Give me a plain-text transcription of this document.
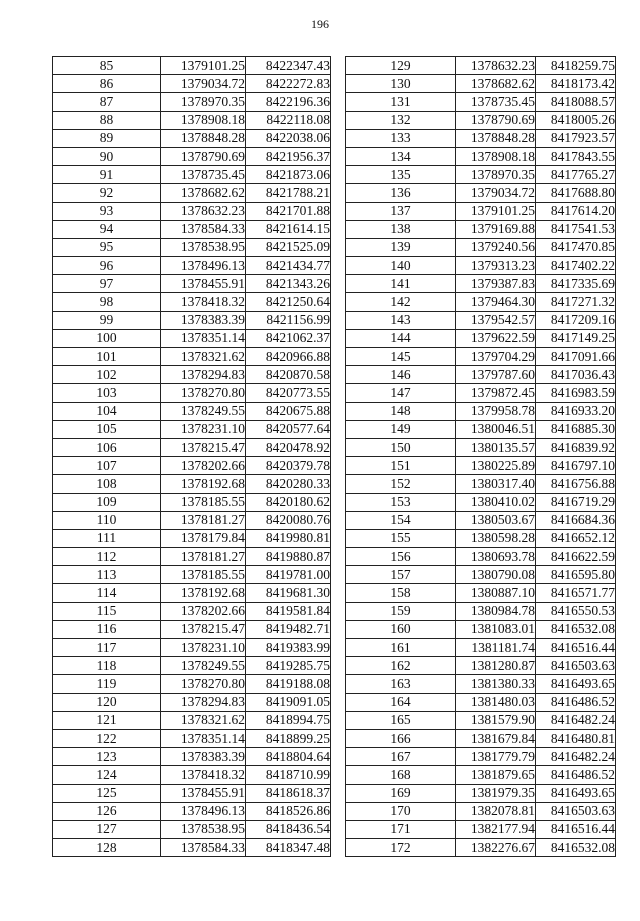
196
85	1379101.25	8422347.43
86	1379034.72	8422272.83
87	1378970.35	8422196.36
88	1378908.18	8422118.08
89	1378848.28	8422038.06
90	1378790.69	8421956.37
91	1378735.45	8421873.06
92	1378682.62	8421788.21
93	1378632.23	8421701.88
94	1378584.33	8421614.15
95	1378538.95	8421525.09
96	1378496.13	8421434.77
97	1378455.91	8421343.26
98	1378418.32	8421250.64
99	1378383.39	8421156.99
100	1378351.14	8421062.37
101	1378321.62	8420966.88
102	1378294.83	8420870.58
103	1378270.80	8420773.55
104	1378249.55	8420675.88
105	1378231.10	8420577.64
106	1378215.47	8420478.92
107	1378202.66	8420379.78
108	1378192.68	8420280.33
109	1378185.55	8420180.62
110	1378181.27	8420080.76
111	1378179.84	8419980.81
112	1378181.27	8419880.87
113	1378185.55	8419781.00
114	1378192.68	8419681.30
115	1378202.66	8419581.84
116	1378215.47	8419482.71
117	1378231.10	8419383.99
118	1378249.55	8419285.75
119	1378270.80	8419188.08
120	1378294.83	8419091.05
121	1378321.62	8418994.75
122	1378351.14	8418899.25
123	1378383.39	8418804.64
124	1378418.32	8418710.99
125	1378455.91	8418618.37
126	1378496.13	8418526.86
127	1378538.95	8418436.54
128	1378584.33	8418347.48
129	1378632.23	8418259.75
130	1378682.62	8418173.42
131	1378735.45	8418088.57
132	1378790.69	8418005.26
133	1378848.28	8417923.57
134	1378908.18	8417843.55
135	1378970.35	8417765.27
136	1379034.72	8417688.80
137	1379101.25	8417614.20
138	1379169.88	8417541.53
139	1379240.56	8417470.85
140	1379313.23	8417402.22
141	1379387.83	8417335.69
142	1379464.30	8417271.32
143	1379542.57	8417209.16
144	1379622.59	8417149.25
145	1379704.29	8417091.66
146	1379787.60	8417036.43
147	1379872.45	8416983.59
148	1379958.78	8416933.20
149	1380046.51	8416885.30
150	1380135.57	8416839.92
151	1380225.89	8416797.10
152	1380317.40	8416756.88
153	1380410.02	8416719.29
154	1380503.67	8416684.36
155	1380598.28	8416652.12
156	1380693.78	8416622.59
157	1380790.08	8416595.80
158	1380887.10	8416571.77
159	1380984.78	8416550.53
160	1381083.01	8416532.08
161	1381181.74	8416516.44
162	1381280.87	8416503.63
163	1381380.33	8416493.65
164	1381480.03	8416486.52
165	1381579.90	8416482.24
166	1381679.84	8416480.81
167	1381779.79	8416482.24
168	1381879.65	8416486.52
169	1381979.35	8416493.65
170	1382078.81	8416503.63
171	1382177.94	8416516.44
172	1382276.67	8416532.08
